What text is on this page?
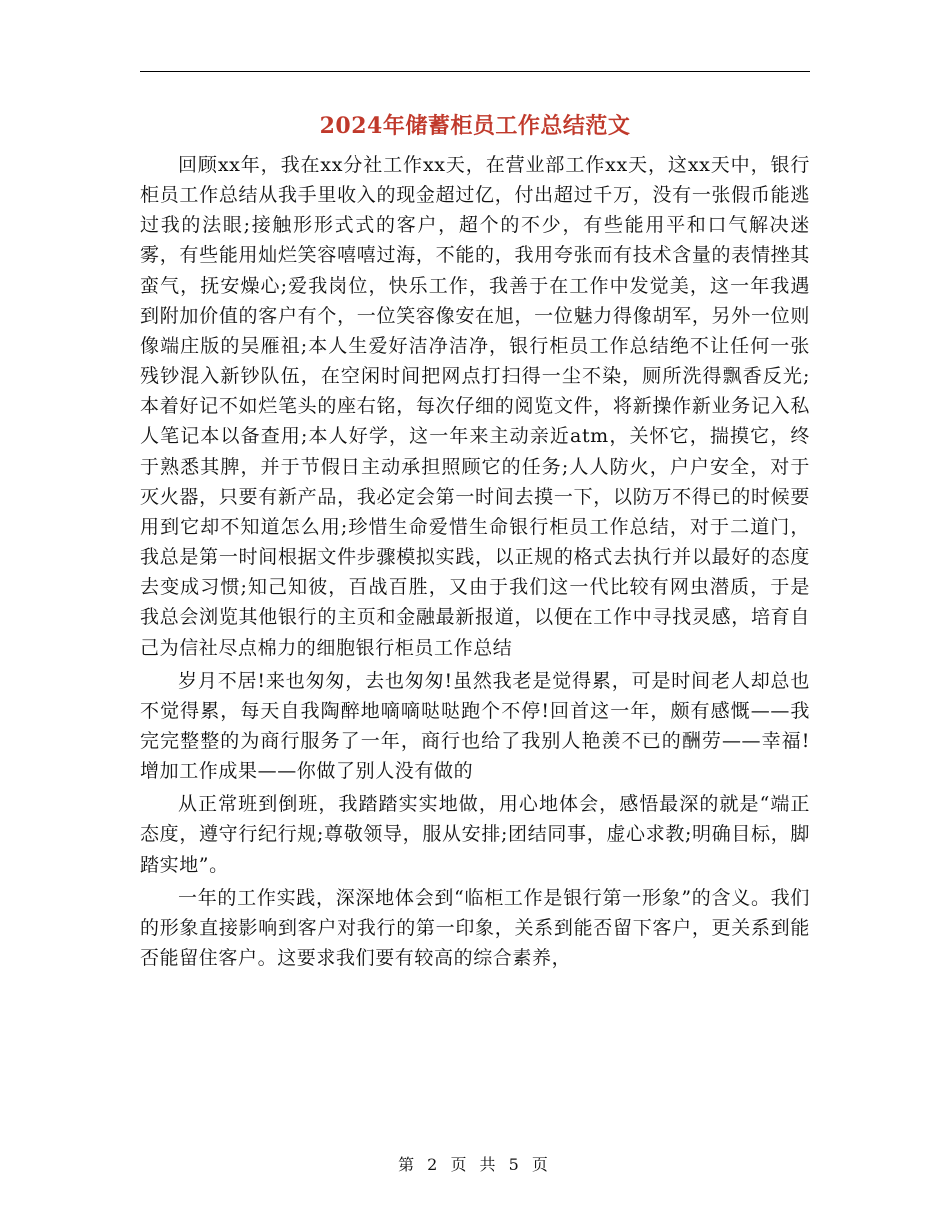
2024年储蓄柜员工作总结范文

回顾xx年，我在xx分社工作xx天，在营业部工作xx天，这xx天中，银行柜员工作总结从我手里收入的现金超过亿，付出超过千万，没有一张假币能逃过我的法眼;接触形形式式的客户，超个的不少，有些能用平和口气解决迷雾，有些能用灿烂笑容嘻嘻过海，不能的，我用夸张而有技术含量的表情挫其蛮气，抚安燥心;爱我岗位，快乐工作，我善于在工作中发觉美，这一年我遇到附加价值的客户有个，一位笑容像安在旭，一位魅力得像胡军，另外一位则像端庄版的吴雁祖;本人生爱好洁净洁净，银行柜员工作总结绝不让任何一张残钞混入新钞队伍，在空闲时间把网点打扫得一尘不染，厕所洗得飘香反光;本着好记不如烂笔头的座右铭，每次仔细的阅览文件，将新操作新业务记入私人笔记本以备查用;本人好学，这一年来主动亲近atm，关怀它，揣摸它，终于熟悉其脾，并于节假日主动承担照顾它的任务;人人防火，户户安全，对于灭火器，只要有新产品，我必定会第一时间去摸一下，以防万不得已的时候要用到它却不知道怎么用;珍惜生命爱惜生命银行柜员工作总结，对于二道门，我总是第一时间根据文件步骤模拟实践，以正规的格式去执行并以最好的态度去变成习惯;知己知彼，百战百胜，又由于我们这一代比较有网虫潜质，于是我总会浏览其他银行的主页和金融最新报道，以便在工作中寻找灵感，培育自己为信社尽点棉力的细胞银行柜员工作总结

岁月不居!来也匆匆，去也匆匆!虽然我老是觉得累，可是时间老人却总也不觉得累，每天自我陶醉地嘀嘀哒哒跑个不停!回首这一年，颇有感慨——我完完整整的为商行服务了一年，商行也给了我别人艳羡不已的酬劳——幸福!增加工作成果——你做了别人没有做的

从正常班到倒班，我踏踏实实地做，用心地体会，感悟最深的就是“端正态度，遵守行纪行规;尊敬领导，服从安排;团结同事，虚心求教;明确目标，脚踏实地”。

一年的工作实践，深深地体会到“临柜工作是银行第一形象”的含义。我们的形象直接影响到客户对我行的第一印象，关系到能否留下客户，更关系到能否能留住客户。这要求我们要有较高的综合素养，

第 2 页 共 5 页
